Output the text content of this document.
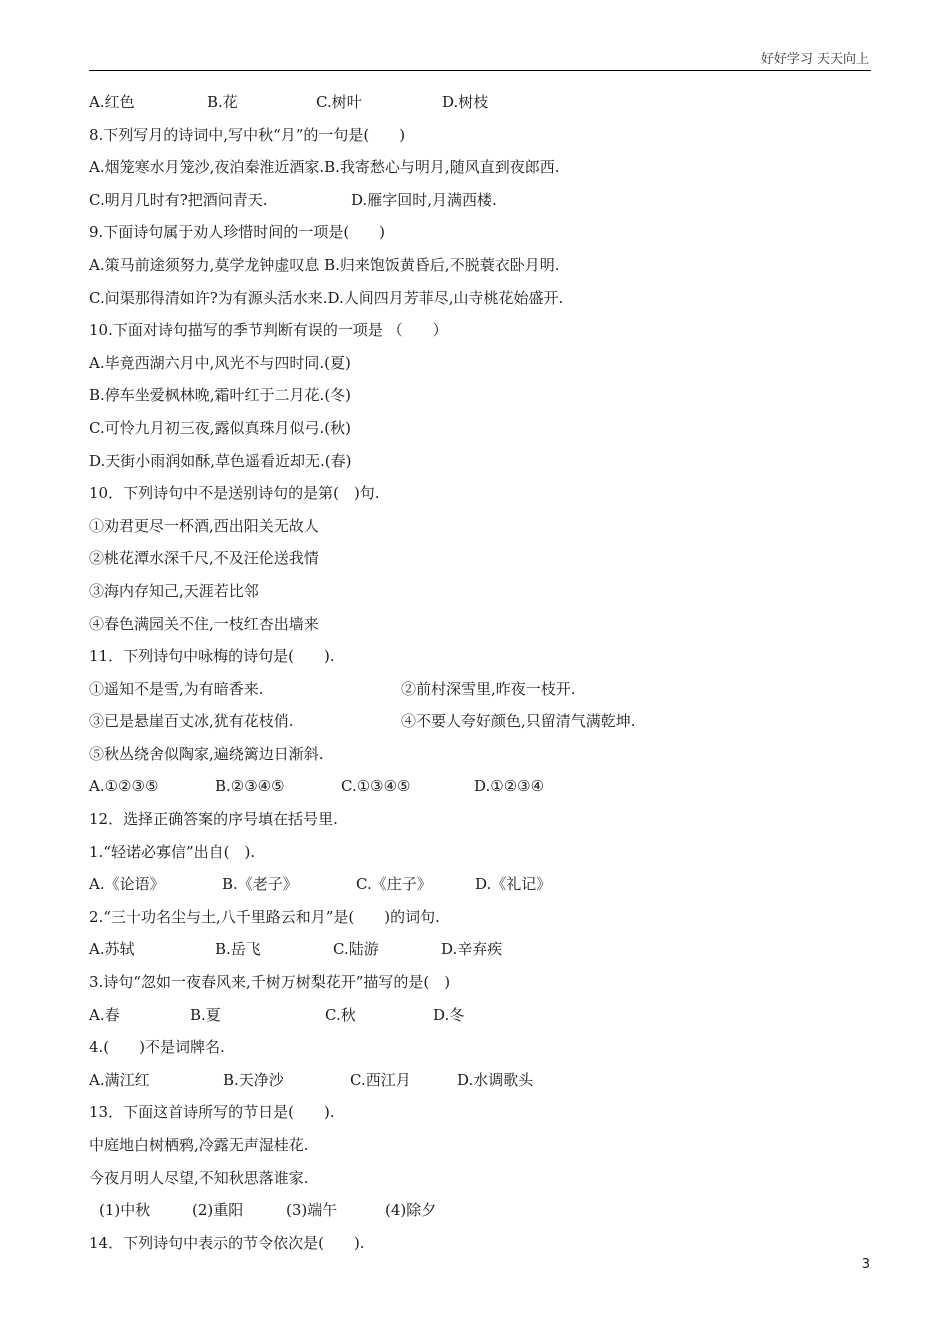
好好学习 天天向上
A.红色	B.花	C.树叶	D.树枝
8.下列写月的诗词中,写中秋“月”的一句是(　　)
A.烟笼寒水月笼沙,夜泊秦淮近酒家.B.我寄愁心与明月,随风直到夜郎西.
C.明月几时有?把酒问青天.	D.雁字回时,月满西楼.
9.下面诗句属于劝人珍惜时间的一项是(　　)
A.策马前途须努力,莫学龙钟虚叹息 B.归来饱饭黄昏后,不脱蓑衣卧月明.
C.问渠那得清如许?为有源头活水来.D.人间四月芳菲尽,山寺桃花始盛开.
10.下面对诗句描写的季节判断有误的一项是 （　　）
A.毕竟西湖六月中,风光不与四时同.(夏)
B.停车坐爱枫林晚,霜叶红于二月花.(冬)
C.可怜九月初三夜,露似真珠月似弓.(秋)
D.天街小雨润如酥,草色遥看近却无.(春)
10．下列诗句中不是送别诗句的是第(　)句.
①劝君更尽一杯酒,西出阳关无故人
②桃花潭水深千尺,不及汪伦送我情
③海内存知己,天涯若比邻
④春色满园关不住,一枝红杏出墙来
11．下列诗句中咏梅的诗句是(　　).
①遥知不是雪,为有暗香来.	②前村深雪里,昨夜一枝开.
③已是悬崖百丈冰,犹有花枝俏.	④不要人夸好颜色,只留清气满乾坤.
⑤秋丛绕舍似陶家,遍绕篱边日渐斜.
A.①②③⑤	B.②③④⑤	C.①③④⑤	D.①②③④
12．选择正确答案的序号填在括号里.
1.“轻诺必寡信”出自(　).
A.《论语》	B.《老子》	C.《庄子》	D.《礼记》
2.“三十功名尘与土,八千里路云和月”是(　　)的词句.
A.苏轼	B.岳飞	C.陆游	D.辛弃疾
3.诗句“忽如一夜春风来,千树万树梨花开”描写的是(　)
A.春	B.夏	C.秋	D.冬
4.(　　)不是词牌名.
A.满江红	B.天净沙	C.西江月	D.水调歌头
13．下面这首诗所写的节日是(　　).
中庭地白树栖鸦,冷露无声湿桂花.
今夜月明人尽望,不知秋思落谁家.
(1)中秋	(2)重阳	(3)端午	(4)除夕
14．下列诗句中表示的节令依次是(　　).
3
